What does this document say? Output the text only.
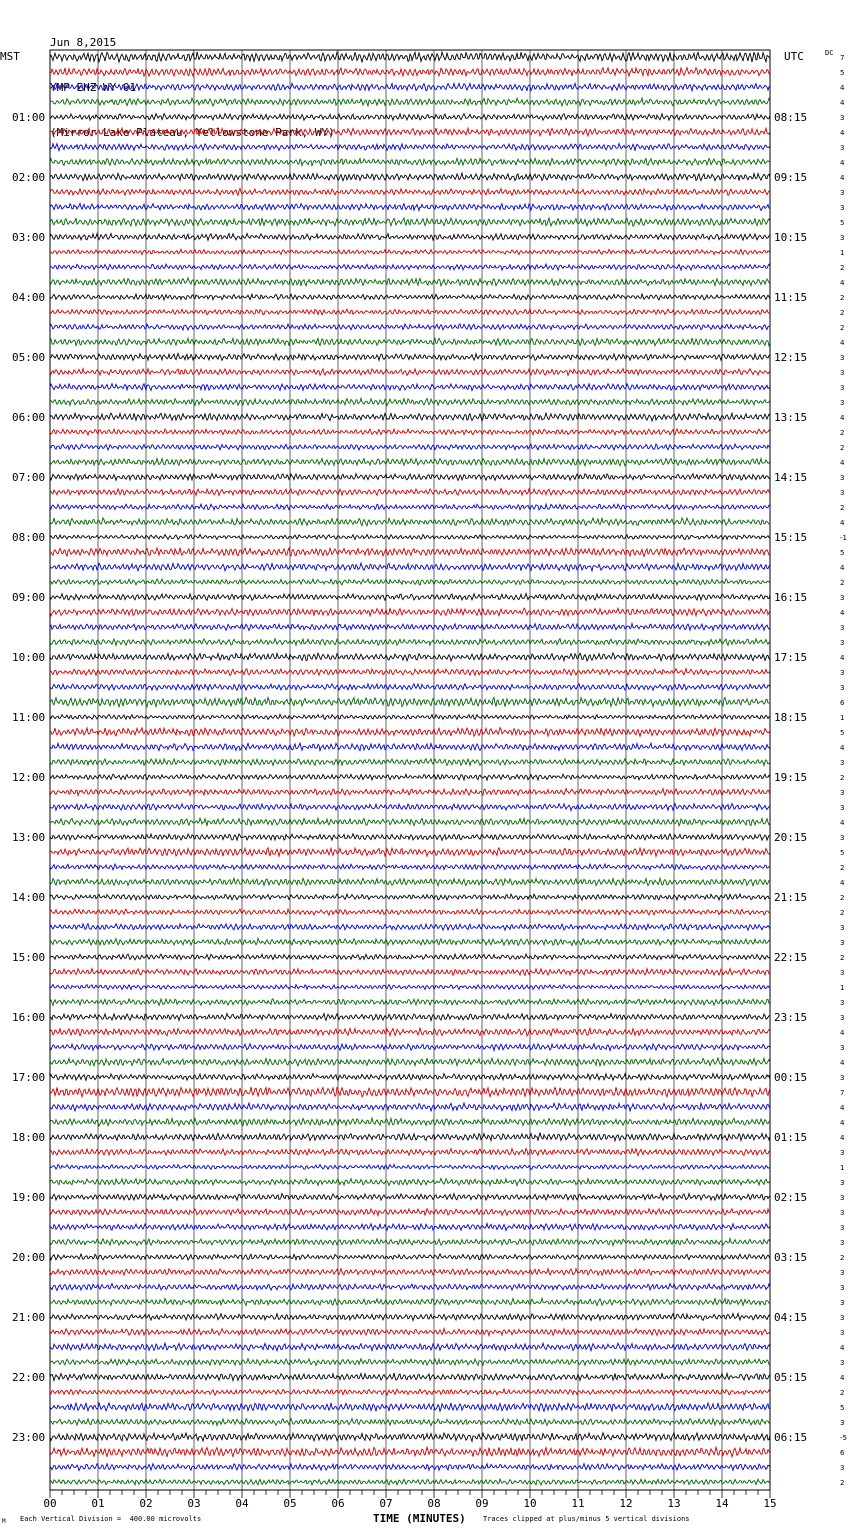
Jun 8,2015

YMP EHZ WY 01

(Mirror Lake Plateau, Yellowstone Park, WY)

MST	UTC	DC
7
5
4
4
3
4
3
4
4
3
3
5
3
1
2
4
2
2
2
4
3
3
3
3
4
2
2
4
3
3
2
4
-1
5
4
2
3
4
3
3
4
3
3
6
1
5
4
3
2
3
3
4
3
5
2
4
2
2
3
3
2
3
1
3
3
4
3
4
3
7
4
4
4
3
1
3
3
3
3
3
2
3
3
3
3
3
4
3
4
2
5
3
-5
6
3
2
01:00
02:00
03:00
04:00
05:00
06:00
07:00
08:00
09:00
10:00
11:00
12:00
13:00
14:00
15:00
16:00
17:00
18:00
19:00
20:00
21:00
22:00
23:00
08:15
09:15
10:15
11:15
12:15
13:15
14:15
15:15
16:15
17:15
18:15
19:15
20:15
21:15
22:15
23:15
00:15
01:15
02:15
03:15
04:15
05:15
06:15
00	01	02	03	04	05	06	07	08	09	10	11	12	13	14	15
M Each Vertical Division =  400.00 microvolts	TIME (MINUTES) Traces clipped at plus/minus 5 vertical divisions
